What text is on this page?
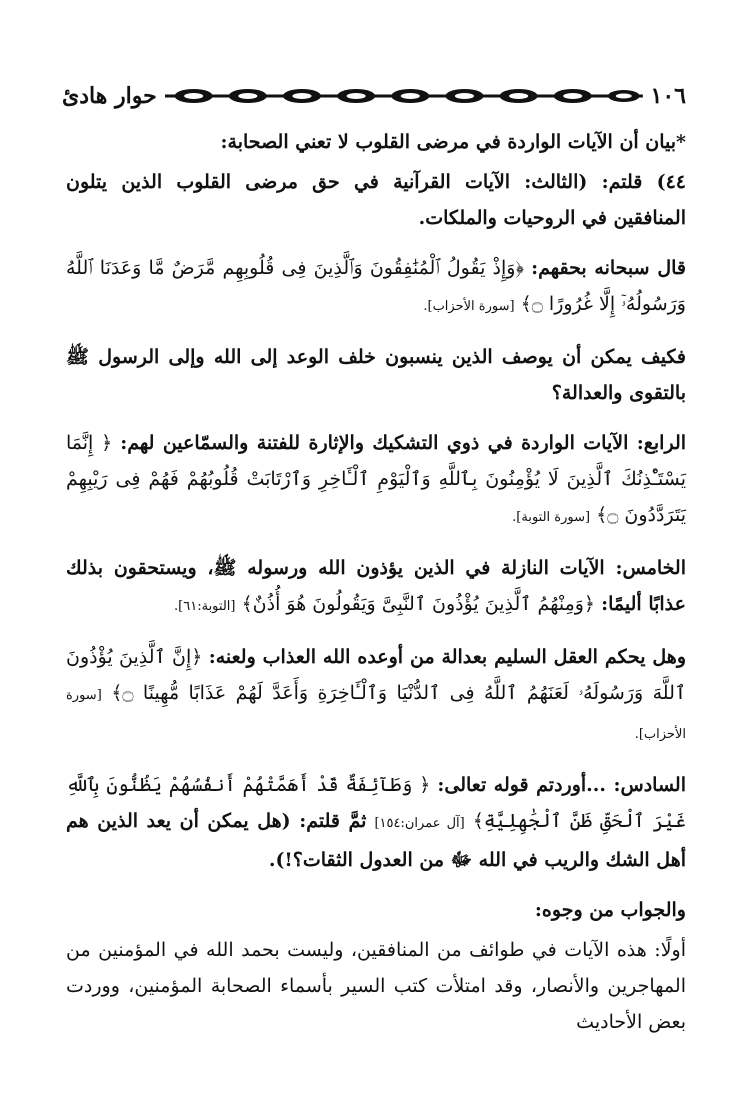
١٠٦
حوار هادئ

*بيان أن الآيات الواردة في مرضى القلوب لا تعني الصحابة:

٤٤) قلتم: (الثالث: الآيات القرآنية في حق مرضى القلوب الذين يتلون المنافقين في الروحيات والملكات.

قال سبحانه بحقهم: ﴿وَإِذْ يَقُولُ ٱلْمُنَٰفِقُونَ وَٱلَّذِينَ فِى قُلُوبِهِم مَّرَضٌ مَّا وَعَدَنَا ٱللَّهُ وَرَسُولُهُۥٓ إِلَّا غُرُورًا ۝﴾ [سورة الأحزاب].

فكيف يمكن أن يوصف الذين ينسبون خلف الوعد إلى الله وإلى الرسول ﷺ بالتقوى والعدالة؟

الرابع: الآيات الواردة في ذوي التشكيك والإثارة للفتنة والسمّاعين لهم: ﴿ إِنَّمَا يَسْتَـْٔذِنُكَ ٱلَّذِينَ لَا يُؤْمِنُونَ بِٱللَّهِ وَٱلْيَوْمِ ٱلْـَٔاخِرِ وَٱرْتَابَتْ قُلُوبُهُمْ فَهُمْ فِى رَيْبِهِمْ يَتَرَدَّدُونَ ۝﴾ [سورة التوبة].

الخامس: الآيات النازلة في الذين يؤذون الله ورسوله ﷺ، ويستحقون بذلك عذابًا أليمًا: ﴿وَمِنْهُمُ ٱلَّذِينَ يُؤْذُونَ ٱلنَّبِىَّ وَيَقُولُونَ هُوَ أُذُنٌ﴾ [التوبة:٦١].

وهل يحكم العقل السليم بعدالة من أوعده الله العذاب ولعنه: ﴿إِنَّ ٱلَّذِينَ يُؤْذُونَ ٱللَّهَ وَرَسُولَهُۥ لَعَنَهُمُ ٱللَّهُ فِى ٱلدُّنْيَا وَٱلْـَٔاخِرَةِ وَأَعَدَّ لَهُمْ عَذَابًا مُّهِينًا ۝﴾ [سورة الأحزاب].

السادس: ...أوردتم قوله تعالى: ﴿ وَطَآئِفَةٌ قَدْ أَهَمَّتْهُمْ أَنفُسُهُمْ يَظُنُّونَ بِٱللَّهِ غَيْرَ ٱلْحَقِّ ظَنَّ ٱلْجَٰهِلِيَّةِ﴾ [آل عمران:١٥٤] ثمَّ قلتم: (هل يمكن أن يعد الذين هم أهل الشك والريب في الله ﷻ من العدول الثقات؟!).

والجواب من وجوه:

أولًا: هذه الآيات في طوائف من المنافقين، وليست بحمد الله في المؤمنين من المهاجرين والأنصار، وقد امتلأت كتب السير بأسماء الصحابة المؤمنين، ووردت بعض الأحاديث
